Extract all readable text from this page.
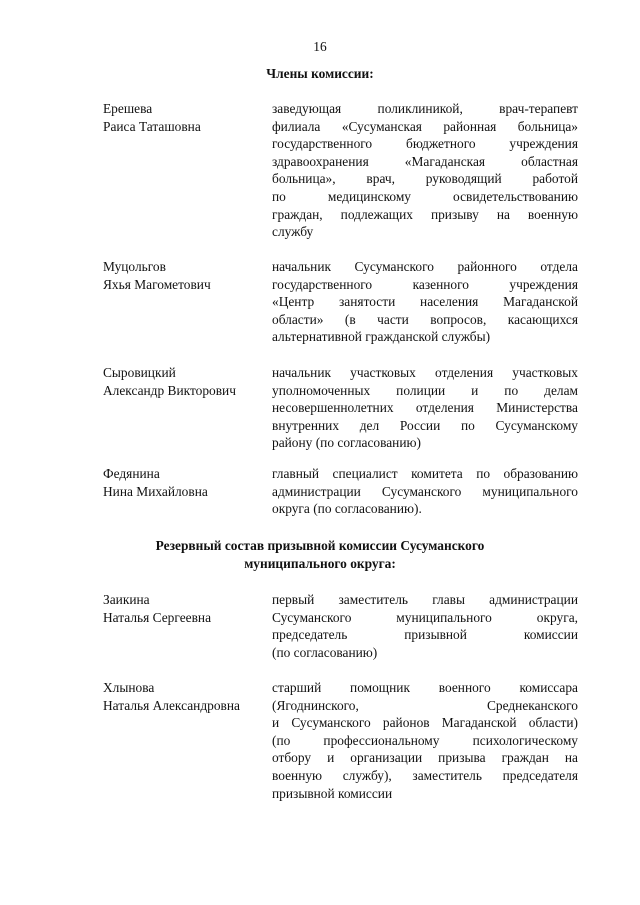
16
Члены комиссии:
Ерешева
Раиса Таташовна
заведующая поликлиникой, врач-терапевт
филиала «Сусуманская районная больница»
государственного бюджетного учреждения
здравоохранения «Магаданская областная
больница», врач, руководящий работой
по медицинскому освидетельствованию
граждан, подлежащих призыву на военную
службу
Муцольгов
Яхья Магометович
начальник Сусуманского районного отдела
государственного казенного учреждения
«Центр занятости населения Магаданской
области» (в части вопросов, касающихся
альтернативной гражданской службы)
Сыровицкий
Александр Викторович
начальник участковых отделения участковых
уполномоченных полиции и по делам
несовершеннолетних отделения Министерства
внутренних дел России по Сусуманскому
району (по согласованию)
Федянина
Нина Михайловна
главный специалист комитета по образованию
администрации Сусуманского муниципального
округа (по согласованию).
Резервный состав призывной комиссии Сусуманского
муниципального округа:
Заикина
Наталья Сергеевна
первый заместитель главы администрации
Сусуманского муниципального округа,
председатель призывной комиссии
(по согласованию)
Хлынова
Наталья Александровна
старший помощник военного комиссара
(Ягоднинского, Среднеканского
и Сусуманского районов Магаданской области)
(по профессиональному психологическому
отбору и организации призыва граждан на
военную службу), заместитель председателя
призывной комиссии
